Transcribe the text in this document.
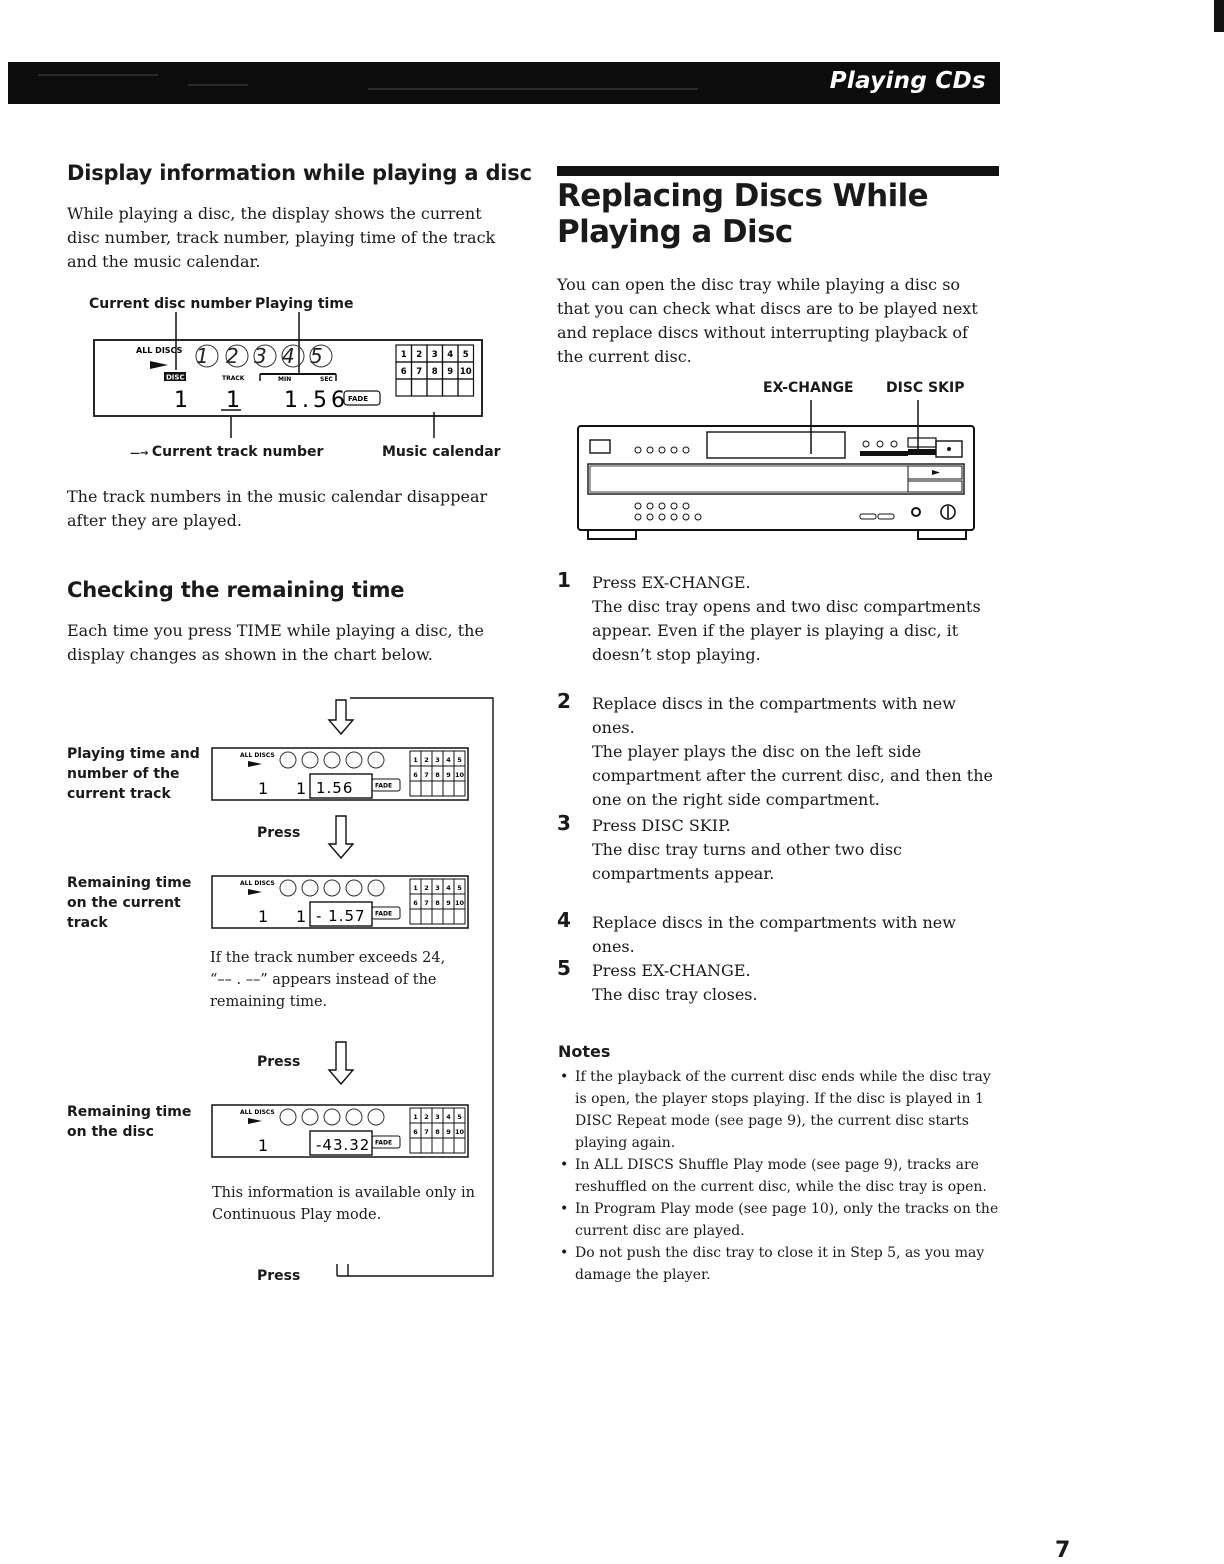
Playing CDs
Display information while playing a disc
While playing a disc, the display shows the current disc number, track number, playing time of the track and the music calendar.
Current disc number Playing time
ALL DISCS
DISC	TRACK	MIN	SEC
1 2 3 4 5
1 1 1.56 FADE
1 2 3 4 5
6 7 8 9 10
—→ Current track number	Music calendar
The track numbers in the music calendar disappear after they are played.
Checking the remaining time
Each time you press TIME while playing a disc, the display changes as shown in the chart below.
Playing time and number of the current track
Remaining time on the current track
Remaining time on the disc
Press
Press
Press
ALL DISCS
1 1 1.56	FADE
1 2 3 4 5
6 7 8 9 10
ALL DISCS
1 1 - 1.57 FADE
1 2 3 4 5
6 7 8 9 10
ALL DISCS
1	-43.32 FADE
1 2 3 4 5
6 7 8 9 10
If the track number exceeds 24, “–– . ––” appears instead of the remaining time.
This information is available only in Continuous Play mode.
Replacing Discs While Playing a Disc
You can open the disc tray while playing a disc so that you can check what discs are to be played next and replace discs without interrupting playback of the current disc.
EX-CHANGE DISC SKIP
1 Press EX-CHANGE.
The disc tray opens and two disc compartments appear. Even if the player is playing a disc, it doesn’t stop playing.
2 Replace discs in the compartments with new ones.
The player plays the disc on the left side compartment after the current disc, and then the one on the right side compartment.
3 Press DISC SKIP.
The disc tray turns and other two disc compartments appear.
4 Replace discs in the compartments with new ones.
5 Press EX-CHANGE.
The disc tray closes.
Notes
• If the playback of the current disc ends while the disc tray is open, the player stops playing. If the disc is played in 1 DISC Repeat mode (see page 9), the current disc starts playing again.
• In ALL DISCS Shuffle Play mode (see page 9), tracks are reshuffled on the current disc, while the disc tray is open.
• In Program Play mode (see page 10), only the tracks on the current disc are played.
• Do not push the disc tray to close it in Step 5, as you may damage the player.
7
